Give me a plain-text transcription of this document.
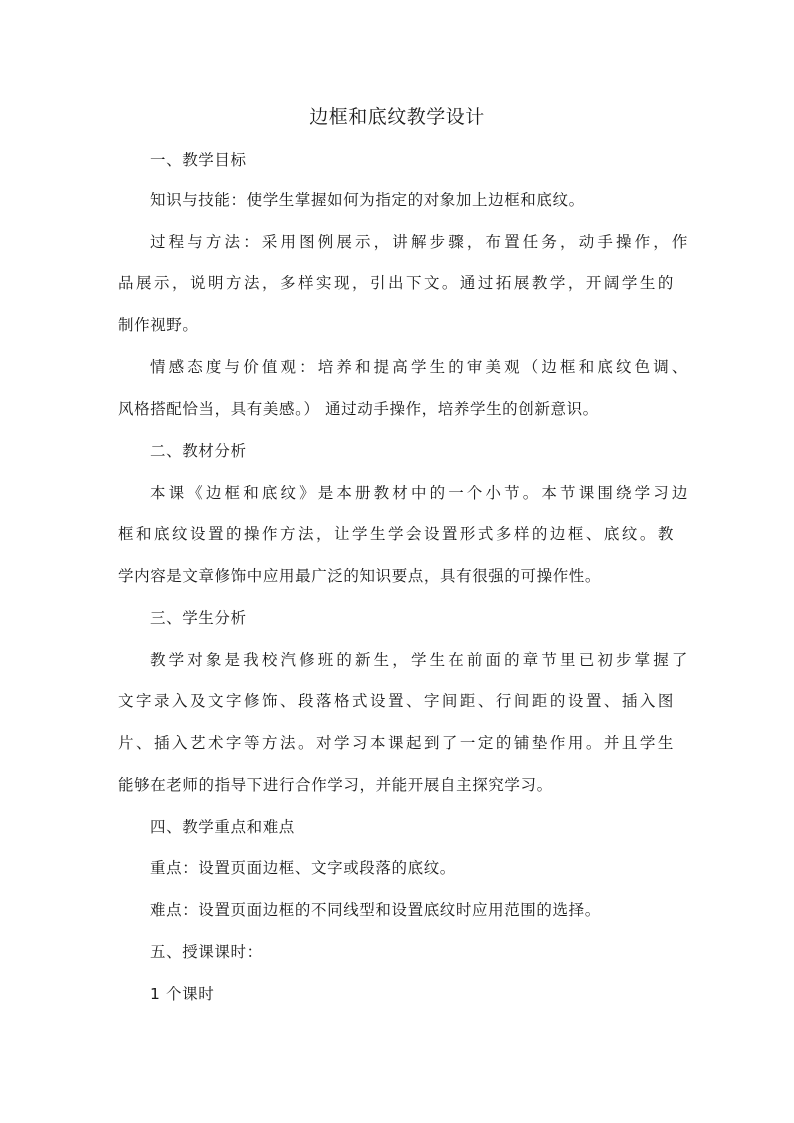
边框和底纹教学设计
一、教学目标
知识与技能：使学生掌握如何为指定的对象加上边框和底纹。
过程与方法：采用图例展示，讲解步骤，布置任务，动手操作，作
品展示，说明方法，多样实现，引出下文。通过拓展教学，开阔学生的
制作视野。
情感态度与价值观：培养和提高学生的审美观（边框和底纹色调、
风格搭配恰当，具有美感。） 通过动手操作，培养学生的创新意识。
二、教材分析
本课《边框和底纹》是本册教材中的一个小节。本节课围绕学习边
框和底纹设置的操作方法，让学生学会设置形式多样的边框、底纹。教
学内容是文章修饰中应用最广泛的知识要点，具有很强的可操作性。
三、学生分析
教学对象是我校汽修班的新生，学生在前面的章节里已初步掌握了
文字录入及文字修饰、段落格式设置、字间距、行间距的设置、插入图
片、插入艺术字等方法。对学习本课起到了一定的铺垫作用。并且学生
能够在老师的指导下进行合作学习，并能开展自主探究学习。
四、教学重点和难点
重点：设置页面边框、文字或段落的底纹。
难点：设置页面边框的不同线型和设置底纹时应用范围的选择。
五、授课课时：
1 个课时
